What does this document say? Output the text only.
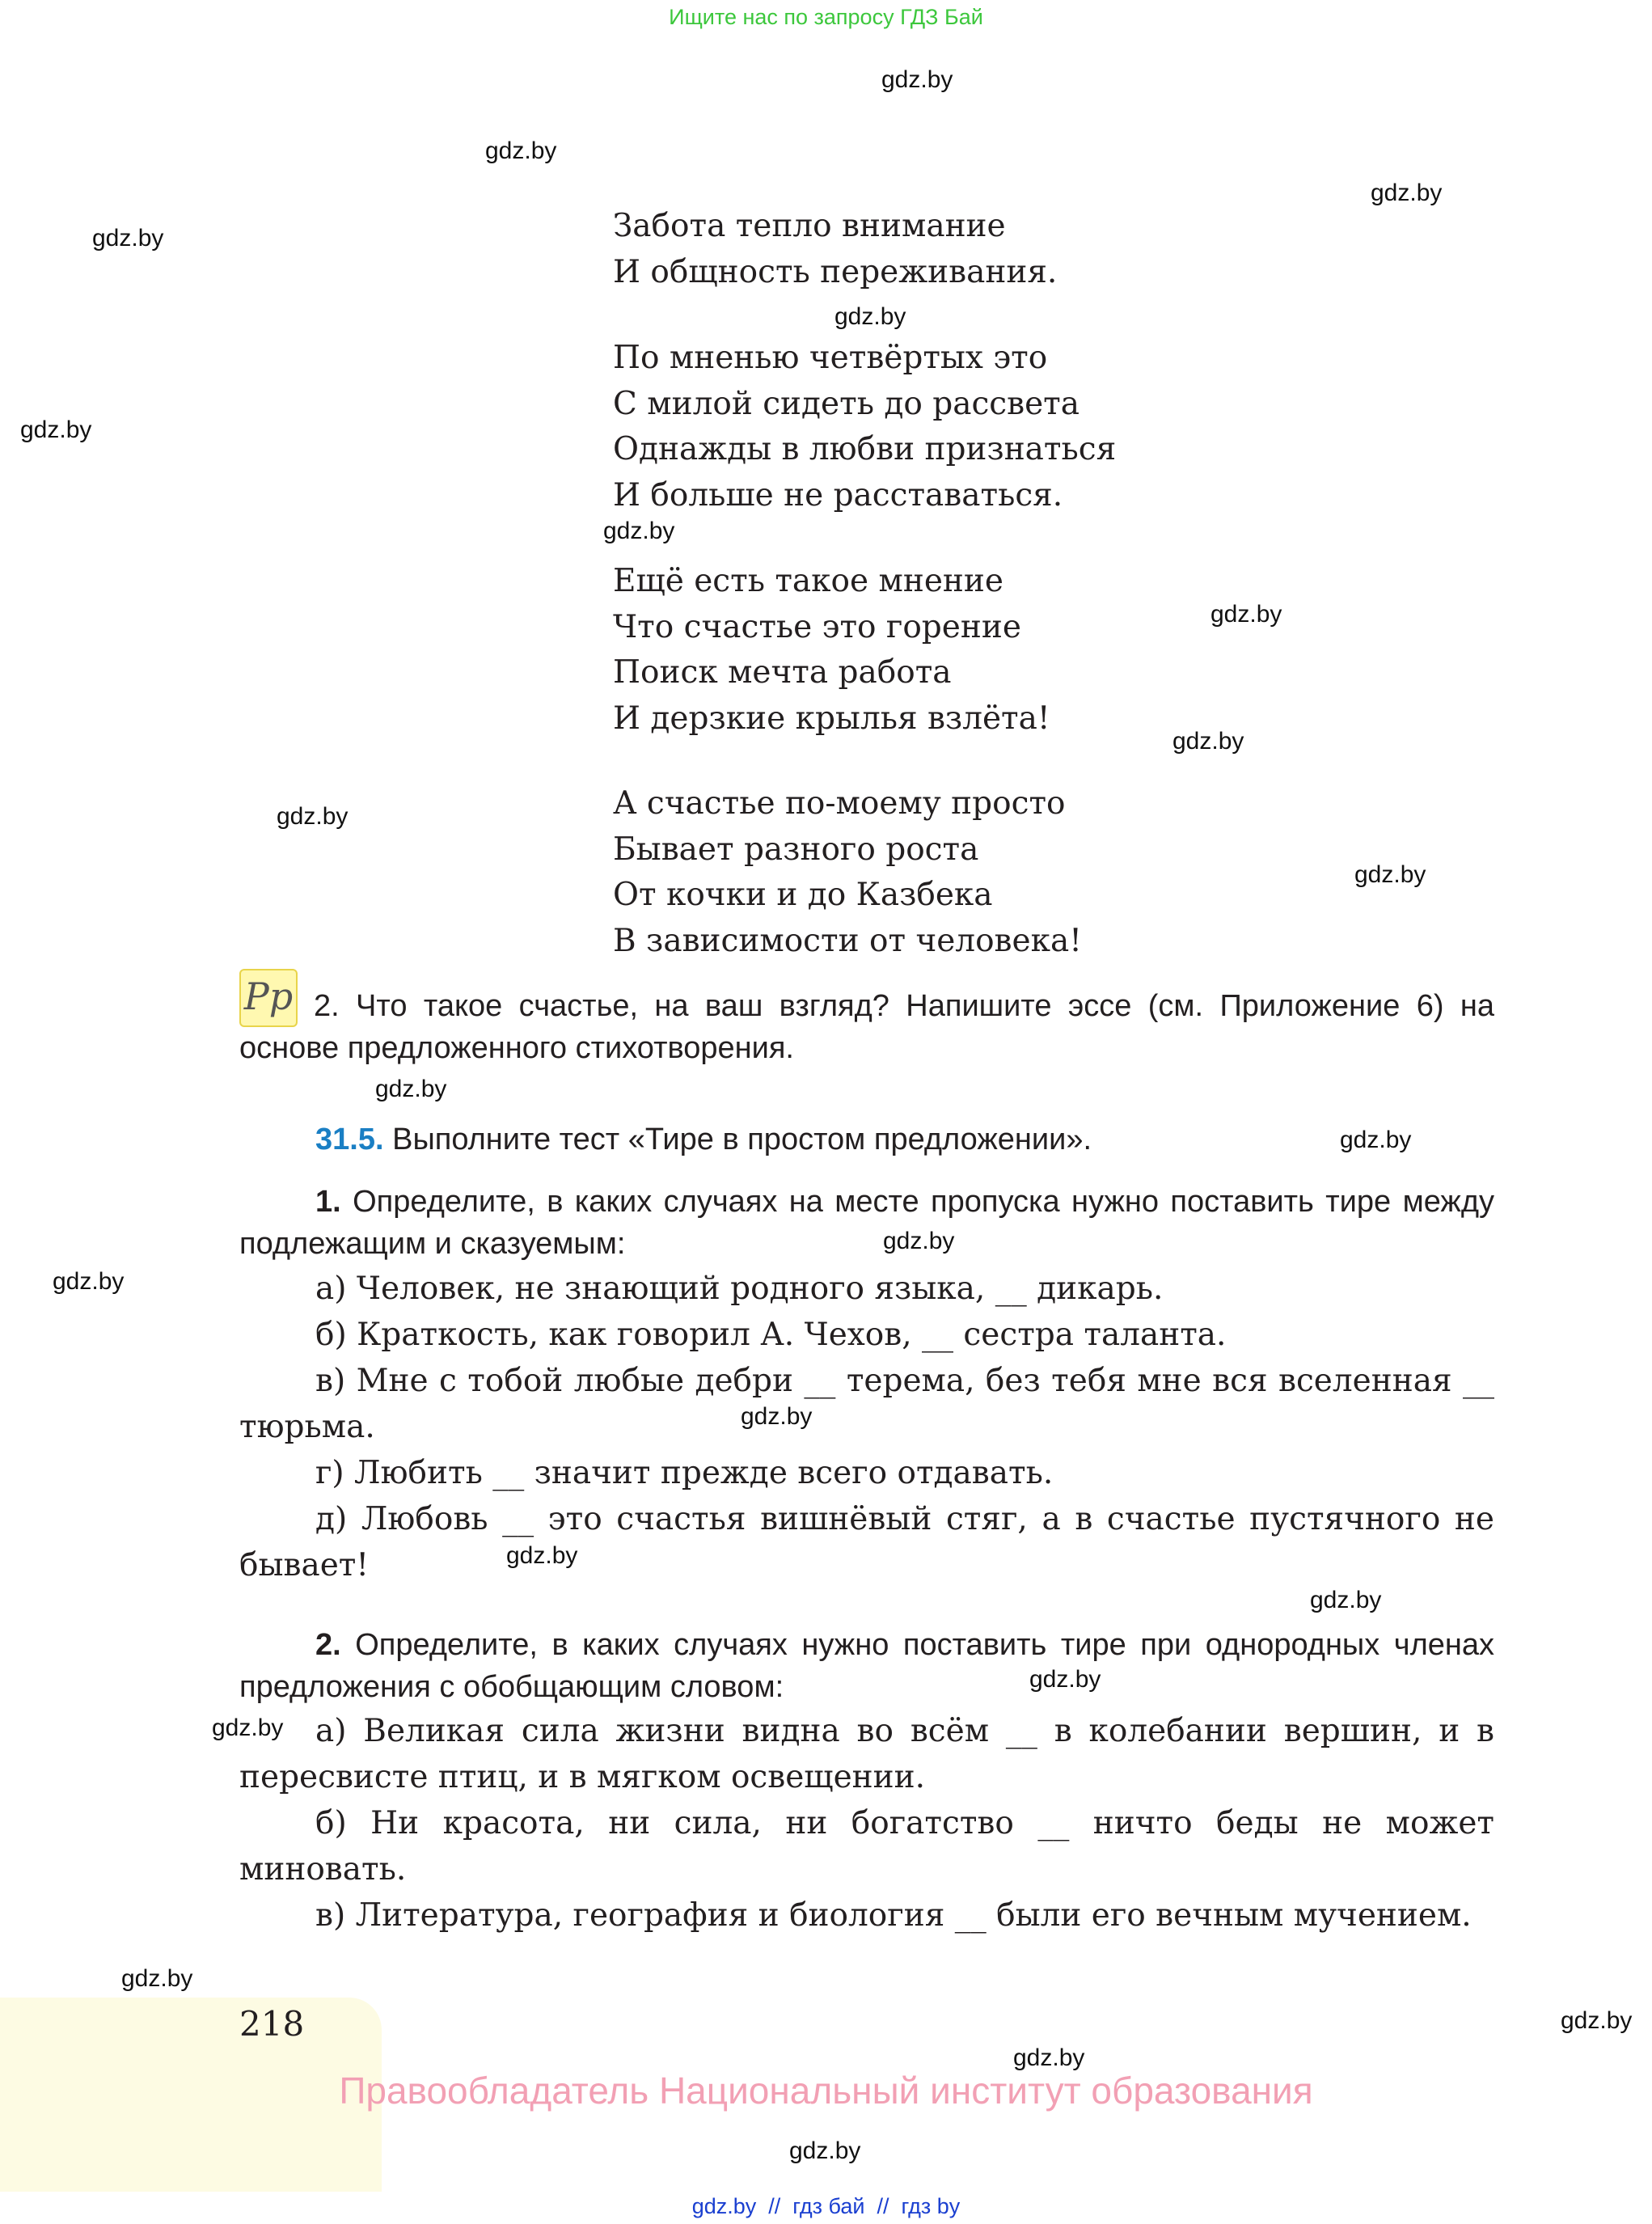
Ищите нас по запросу ГДЗ Бай
gdz.by
gdz.by
gdz.by
gdz.by
gdz.by
gdz.by
gdz.by
gdz.by
gdz.by
gdz.by
gdz.by
gdz.by
gdz.by
gdz.by
gdz.by
gdz.by
gdz.by
gdz.by
gdz.by
gdz.by
gdz.by
gdz.by
gdz.by
gdz.by
Забота тепло внимание
И общность переживания.
По мненью четвёртых это
С милой сидеть до рассвета
Однажды в любви признаться
И больше не расставаться.
Ещё есть такое мнение
Что счастье это горение
Поиск мечта работа
И дерзкие крылья взлёта!
А счастье по-моему просто
Бывает разного роста
От кочки и до Казбека
В зависимости от человека!
Pp 2. Что такое счастье, на ваш взгляд? Напишите эссе (см. Приложение 6) на основе предложенного стихотворения.
31.5. Выполните тест «Тире в простом предложении».
1. Определите, в каких случаях на месте пропуска нужно поставить тире между подлежащим и сказуемым:
а) Человек, не знающий родного языка, __ дикарь.
б) Краткость, как говорил А. Чехов, __ сестра таланта.
в) Мне с тобой любые дебри __ терема, без тебя мне вся вселенная __ тюрьма.
г) Любить __ значит прежде всего отдавать.
д) Любовь __ это счастья вишнёвый стяг, а в счастье пустячного не бывает!
2. Определите, в каких случаях нужно поставить тире при однородных членах предложения с обобщающим словом:
а) Великая сила жизни видна во всём __ в колебании вершин, и в пересвисте птиц, и в мягком освещении.
б) Ни красота, ни сила, ни богатство __ ничто беды не может миновать.
в) Литература, география и биология __ были его вечным мучением.
218
Правообладатель Национальный институт образования
gdz.by  //  гдз бай  //  гдз by
